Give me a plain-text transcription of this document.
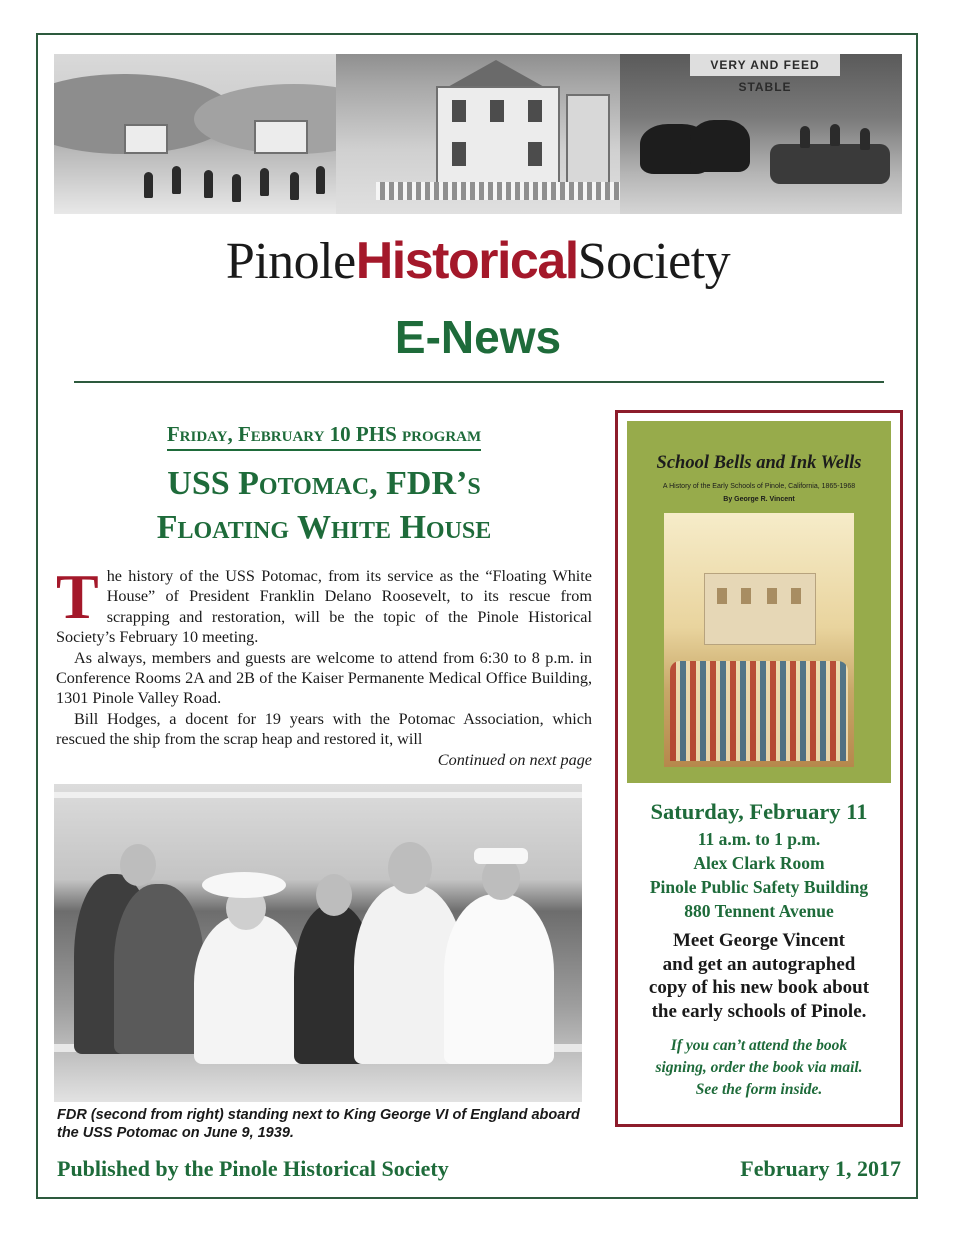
VERY AND FEED STABLE
PinoleHistoricalSociety
E-News
Friday, February 10 PHS program
USS Potomac, FDR’s
Floating White House

The history of the USS Potomac, from its service as the “Floating White House” of President Franklin Delano Roosevelt, to its rescue from scrapping and restoration, will be the topic of the Pinole Historical Society’s February 10 meeting.

As always, members and guests are welcome to attend from 6:30 to 8 p.m. in Conference Rooms 2A and 2B of the Kaiser Permanente Medical Office Building, 1301 Pinole Valley Road.

Bill Hodges, a docent for 19 years with the Potomac Association, which rescued the ship from the scrap heap and restored it, will

Continued on next page

FDR (second from right) standing next to King George VI of England aboard the USS Potomac on June 9, 1939.
School Bells and Ink Wells
A History of the Early Schools of Pinole, California, 1865-1968
By George R. Vincent
Saturday, February 11
11 a.m. to 1 p.m.
Alex Clark Room
Pinole Public Safety Building
880 Tennent Avenue
Meet George Vincent
and get an autographed
copy of his new book about
the early schools of Pinole.
If you can’t attend the book
signing, order the book via mail.
See the form inside.
Published by the Pinole Historical Society	February 1, 2017
